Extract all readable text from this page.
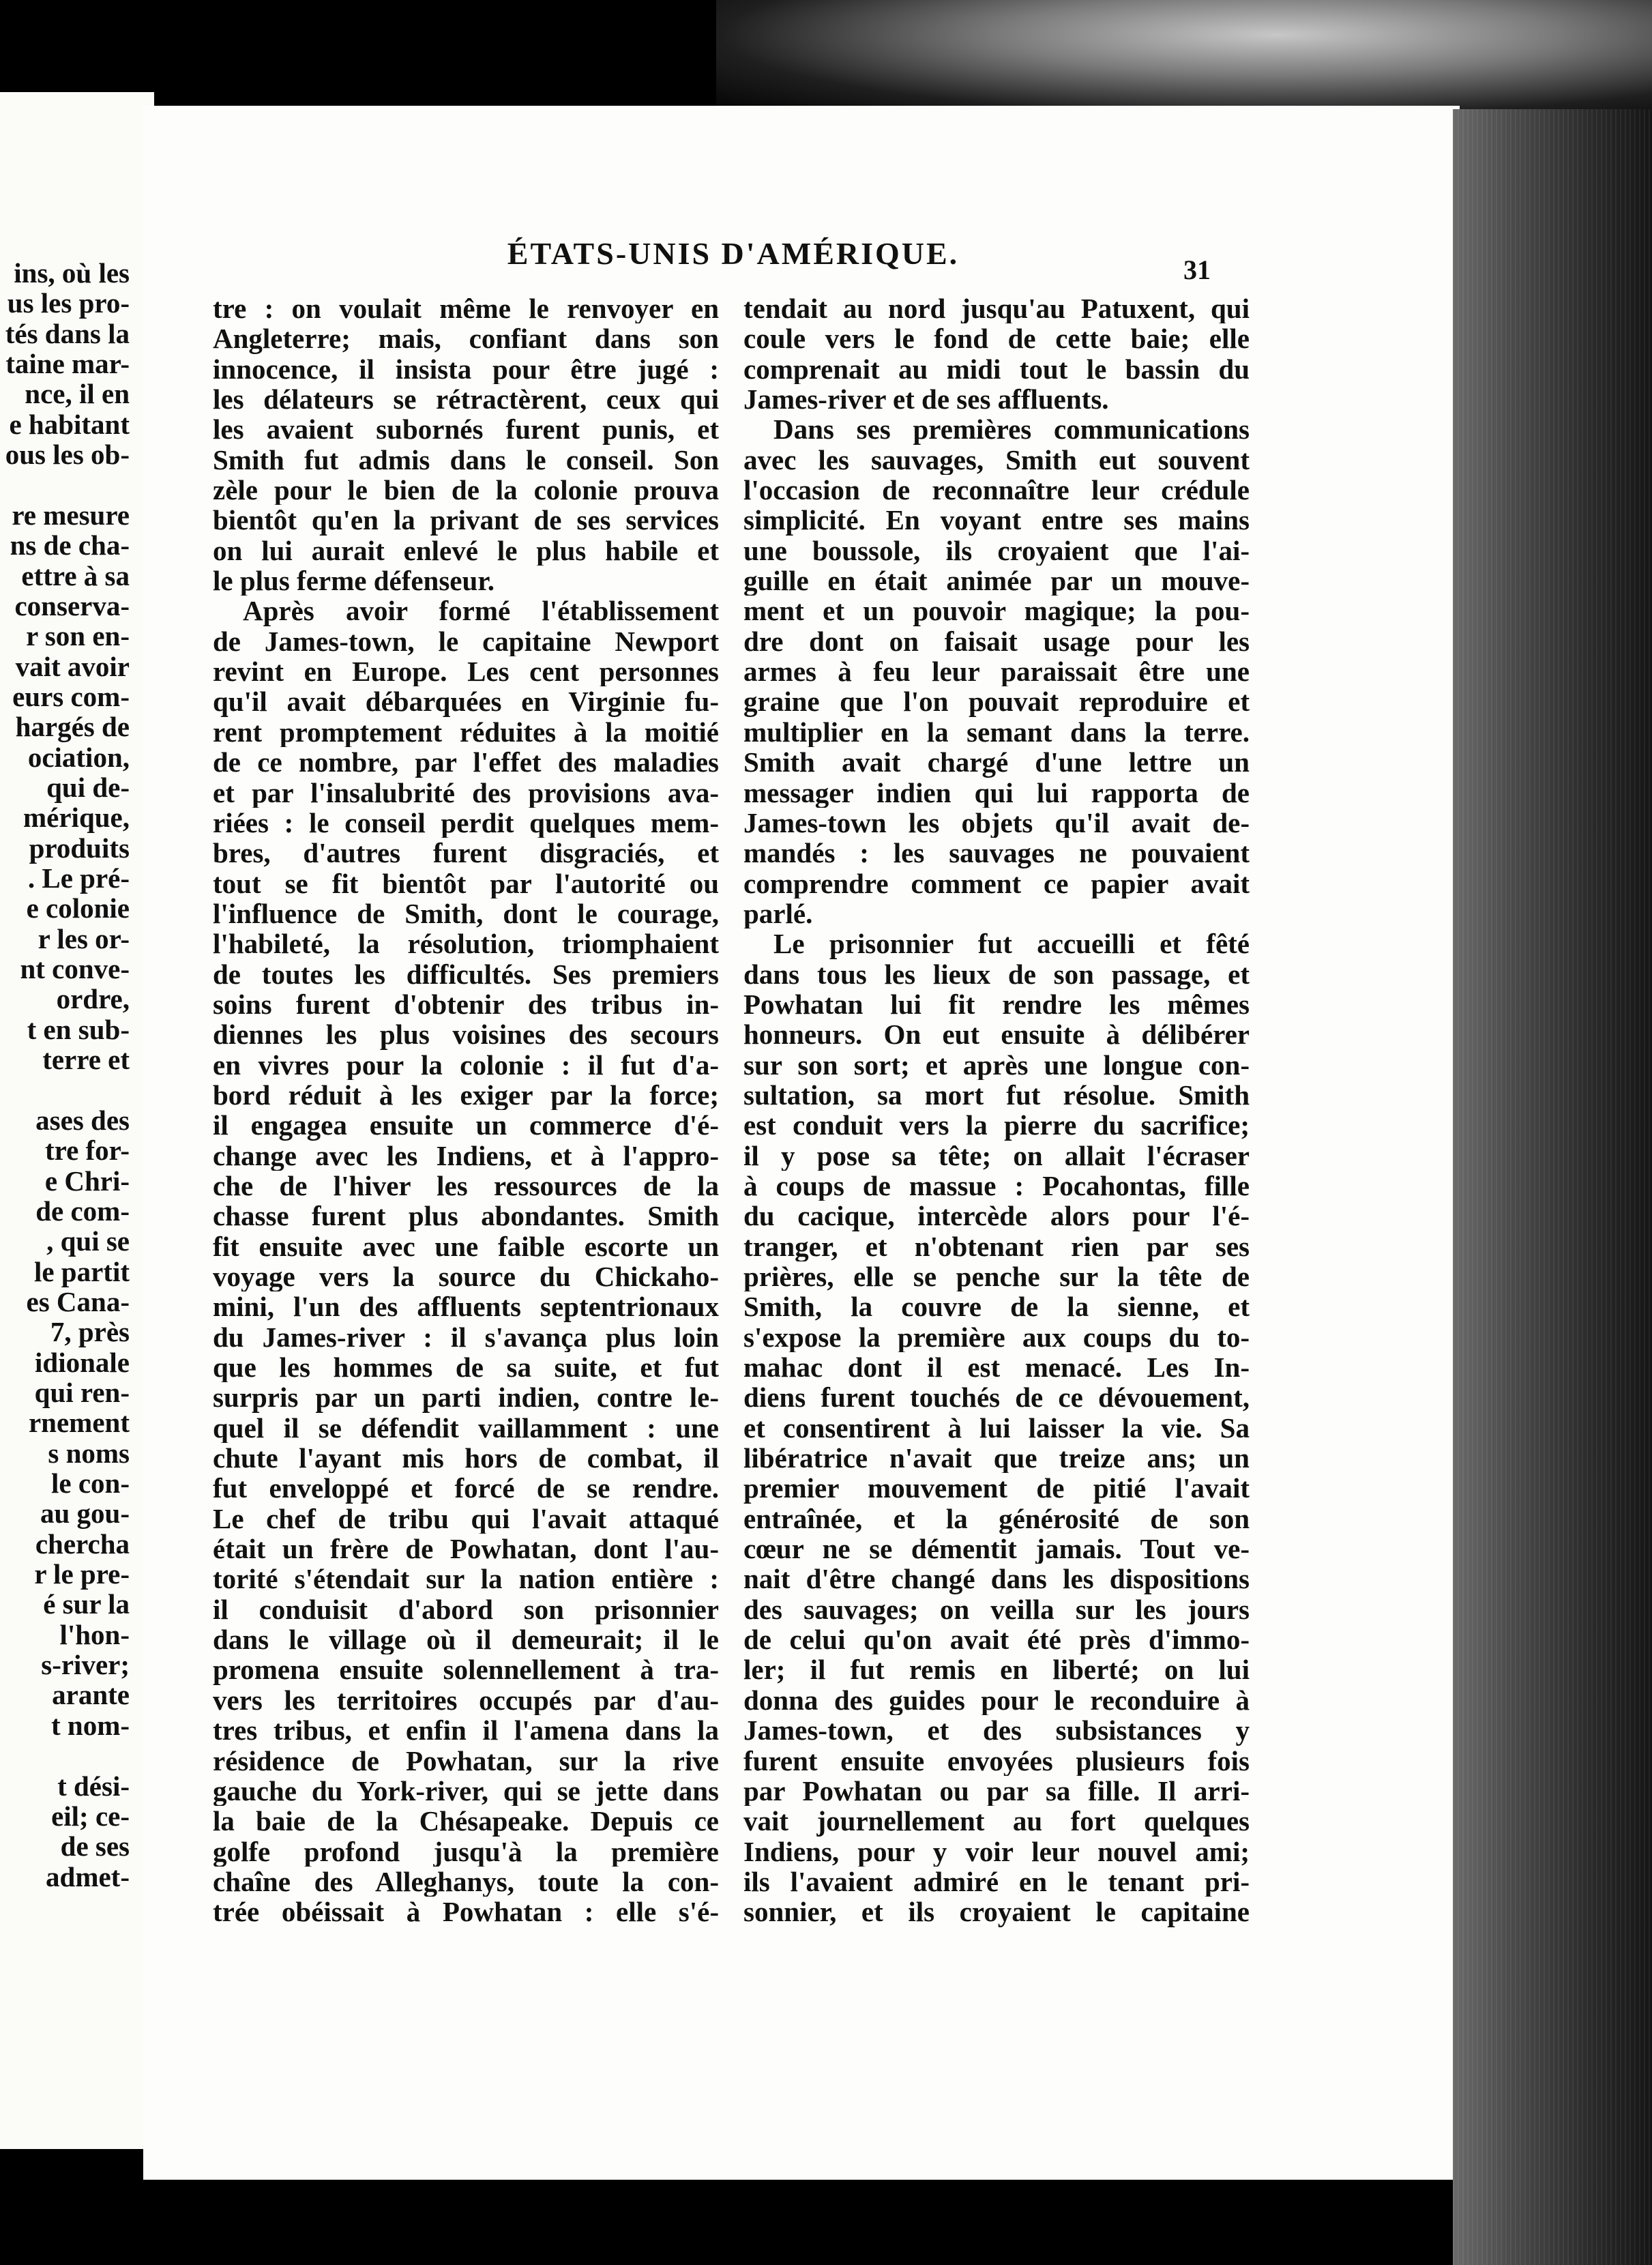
ins, où les
us les pro-
tés dans la
taine mar-
nce, il en
e habitant
ous les ob-
re mesure
ns de cha-
ettre à sa
conserva-
r son en-
vait avoir
eurs com-
hargés de
ociation,
qui de-
mérique,
produits
. Le pré-
e colonie
r les or-
nt conve-
ordre,
t en sub-
terre et
ases des
tre for-
e Chri-
de com-
, qui se
le partit
es Cana-
7, près
idionale
qui ren-
rnement
s noms
le con-
au gou-
chercha
r le pre-
é sur la
l'hon-
s-river;
arante
t nom-
t dési-
eil; ce-
de ses
admet-
ÉTATS-UNIS D'AMÉRIQUE.	31
tre : on voulait même le renvoyer en
Angleterre; mais, confiant dans son
innocence, il insista pour être jugé :
les délateurs se rétractèrent, ceux qui
les avaient subornés furent punis, et
Smith fut admis dans le conseil. Son
zèle pour le bien de la colonie prouva
bientôt qu'en la privant de ses services
on lui aurait enlevé le plus habile et
le plus ferme défenseur.
Après avoir formé l'établissement
de James-town, le capitaine Newport
revint en Europe. Les cent personnes
qu'il avait débarquées en Virginie fu-
rent promptement réduites à la moitié
de ce nombre, par l'effet des maladies
et par l'insalubrité des provisions ava-
riées : le conseil perdit quelques mem-
bres, d'autres furent disgraciés, et
tout se fit bientôt par l'autorité ou
l'influence de Smith, dont le courage,
l'habileté, la résolution, triomphaient
de toutes les difficultés. Ses premiers
soins furent d'obtenir des tribus in-
diennes les plus voisines des secours
en vivres pour la colonie : il fut d'a-
bord réduit à les exiger par la force;
il engagea ensuite un commerce d'é-
change avec les Indiens, et à l'appro-
che de l'hiver les ressources de la
chasse furent plus abondantes. Smith
fit ensuite avec une faible escorte un
voyage vers la source du Chickaho-
mini, l'un des affluents septentrionaux
du James-river : il s'avança plus loin
que les hommes de sa suite, et fut
surpris par un parti indien, contre le-
quel il se défendit vaillamment : une
chute l'ayant mis hors de combat, il
fut enveloppé et forcé de se rendre.
Le chef de tribu qui l'avait attaqué
était un frère de Powhatan, dont l'au-
torité s'étendait sur la nation entière :
il conduisit d'abord son prisonnier
dans le village où il demeurait; il le
promena ensuite solennellement à tra-
vers les territoires occupés par d'au-
tres tribus, et enfin il l'amena dans la
résidence de Powhatan, sur la rive
gauche du York-river, qui se jette dans
la baie de la Chésapeake. Depuis ce
golfe profond jusqu'à la première
chaîne des Alleghanys, toute la con-
trée obéissait à Powhatan : elle s'é-
tendait au nord jusqu'au Patuxent, qui
coule vers le fond de cette baie; elle
comprenait au midi tout le bassin du
James-river et de ses affluents.
Dans ses premières communications
avec les sauvages, Smith eut souvent
l'occasion de reconnaître leur crédule
simplicité. En voyant entre ses mains
une boussole, ils croyaient que l'ai-
guille en était animée par un mouve-
ment et un pouvoir magique; la pou-
dre dont on faisait usage pour les
armes à feu leur paraissait être une
graine que l'on pouvait reproduire et
multiplier en la semant dans la terre.
Smith avait chargé d'une lettre un
messager indien qui lui rapporta de
James-town les objets qu'il avait de-
mandés : les sauvages ne pouvaient
comprendre comment ce papier avait
parlé.
Le prisonnier fut accueilli et fêté
dans tous les lieux de son passage, et
Powhatan lui fit rendre les mêmes
honneurs. On eut ensuite à délibérer
sur son sort; et après une longue con-
sultation, sa mort fut résolue. Smith
est conduit vers la pierre du sacrifice;
il y pose sa tête; on allait l'écraser
à coups de massue : Pocahontas, fille
du cacique, intercède alors pour l'é-
tranger, et n'obtenant rien par ses
prières, elle se penche sur la tête de
Smith, la couvre de la sienne, et
s'expose la première aux coups du to-
mahac dont il est menacé. Les In-
diens furent touchés de ce dévouement,
et consentirent à lui laisser la vie. Sa
libératrice n'avait que treize ans; un
premier mouvement de pitié l'avait
entraînée, et la générosité de son
cœur ne se démentit jamais. Tout ve-
nait d'être changé dans les dispositions
des sauvages; on veilla sur les jours
de celui qu'on avait été près d'immo-
ler; il fut remis en liberté; on lui
donna des guides pour le reconduire à
James-town, et des subsistances y
furent ensuite envoyées plusieurs fois
par Powhatan ou par sa fille. Il arri-
vait journellement au fort quelques
Indiens, pour y voir leur nouvel ami;
ils l'avaient admiré en le tenant pri-
sonnier, et ils croyaient le capitaine
